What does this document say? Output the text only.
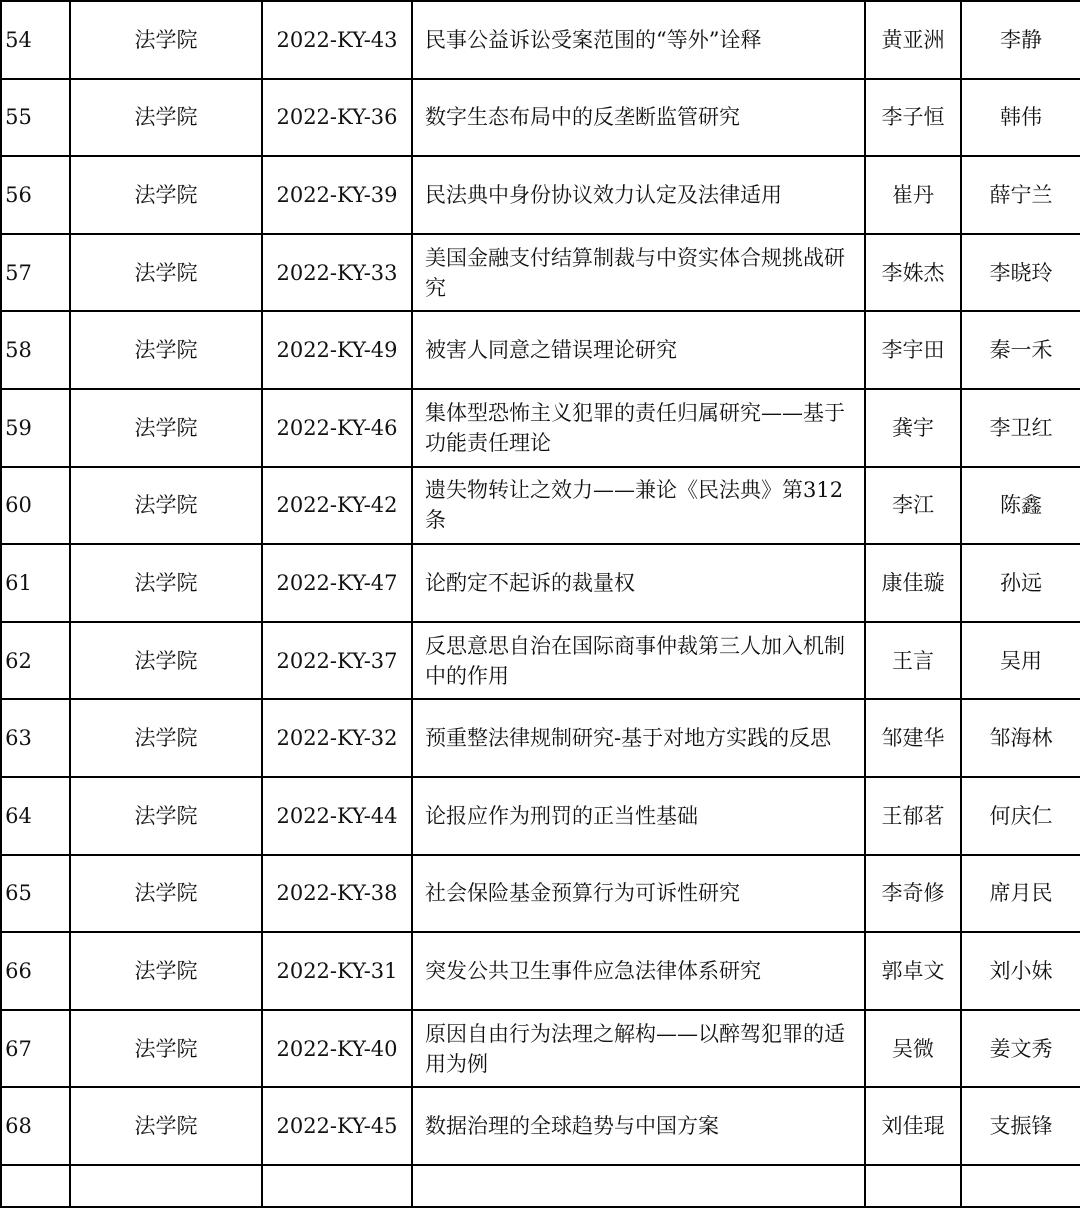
54	法学院	2022-KY-43	民事公益诉讼受案范围的“等外”诠释	黄亚洲	李静
55	法学院	2022-KY-36	数字生态布局中的反垄断监管研究	李子恒	韩伟
56	法学院	2022-KY-39	民法典中身份协议效力认定及法律适用	崔丹	薛宁兰
57	法学院	2022-KY-33	美国金融支付结算制裁与中资实体合规挑战研究	李姝杰	李晓玲
58	法学院	2022-KY-49	被害人同意之错误理论研究	李宇田	秦一禾
59	法学院	2022-KY-46	集体型恐怖主义犯罪的责任归属研究——基于功能责任理论	龚宇	李卫红
60	法学院	2022-KY-42	遗失物转让之效力——兼论《民法典》第312条	李江	陈鑫
61	法学院	2022-KY-47	论酌定不起诉的裁量权	康佳璇	孙远
62	法学院	2022-KY-37	反思意思自治在国际商事仲裁第三人加入机制中的作用	王言	吴用
63	法学院	2022-KY-32	预重整法律规制研究-基于对地方实践的反思	邹建华	邹海林
64	法学院	2022-KY-44	论报应作为刑罚的正当性基础	王郁茗	何庆仁
65	法学院	2022-KY-38	社会保险基金预算行为可诉性研究	李奇修	席月民
66	法学院	2022-KY-31	突发公共卫生事件应急法律体系研究	郭卓文	刘小妹
67	法学院	2022-KY-40	原因自由行为法理之解构——以醉驾犯罪的适用为例	吴微	姜文秀
68	法学院	2022-KY-45	数据治理的全球趋势与中国方案	刘佳琨	支振锋
